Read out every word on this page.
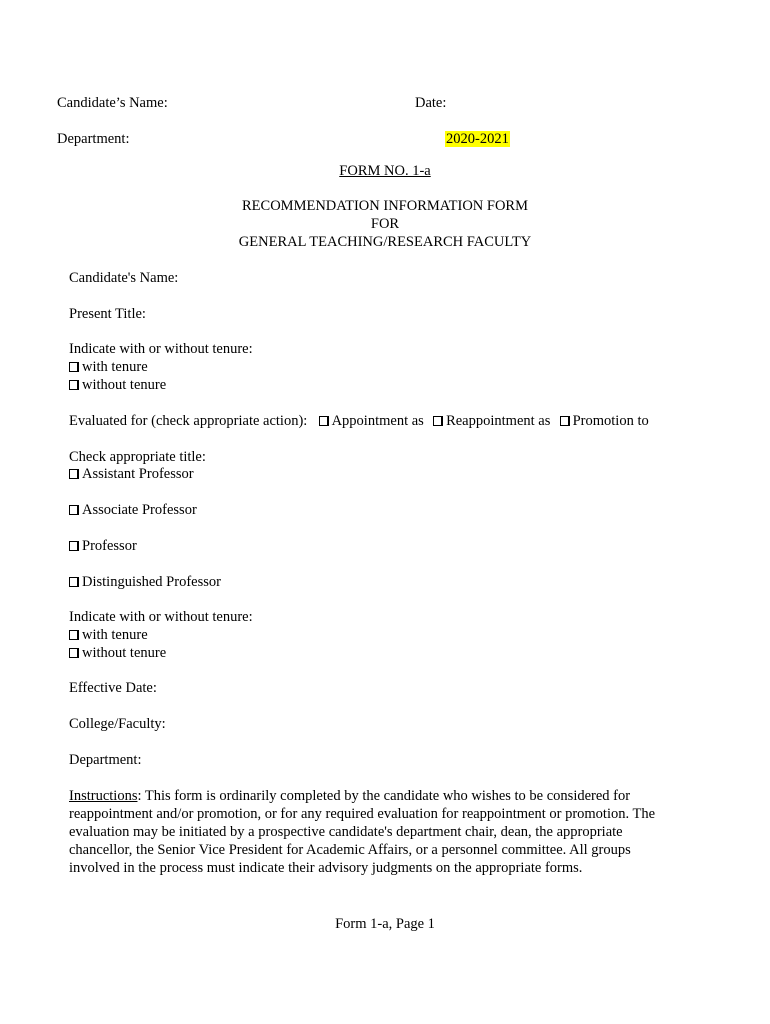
Candidate’s Name:	Date:
Department:	2020-2021
FORM NO. 1-a
RECOMMENDATION INFORMATION FORM
FOR
GENERAL TEACHING/RESEARCH FACULTY
Candidate's Name:
Present Title:
Indicate with or without tenure:
with tenure
without tenure
Evaluated for (check appropriate action): Appointment as Reappointment as Promotion to
Check appropriate title:
Assistant Professor
Associate Professor
Professor
Distinguished Professor
Indicate with or without tenure:
with tenure
without tenure
Effective Date:
College/Faculty:
Department:
Instructions: This form is ordinarily completed by the candidate who wishes to be considered for
reappointment and/or promotion, or for any required evaluation for reappointment or promotion. The
evaluation may be initiated by a prospective candidate's department chair, dean, the appropriate
chancellor, the Senior Vice President for Academic Affairs, or a personnel committee. All groups
involved in the process must indicate their advisory judgments on the appropriate forms.
Form 1-a, Page 1
